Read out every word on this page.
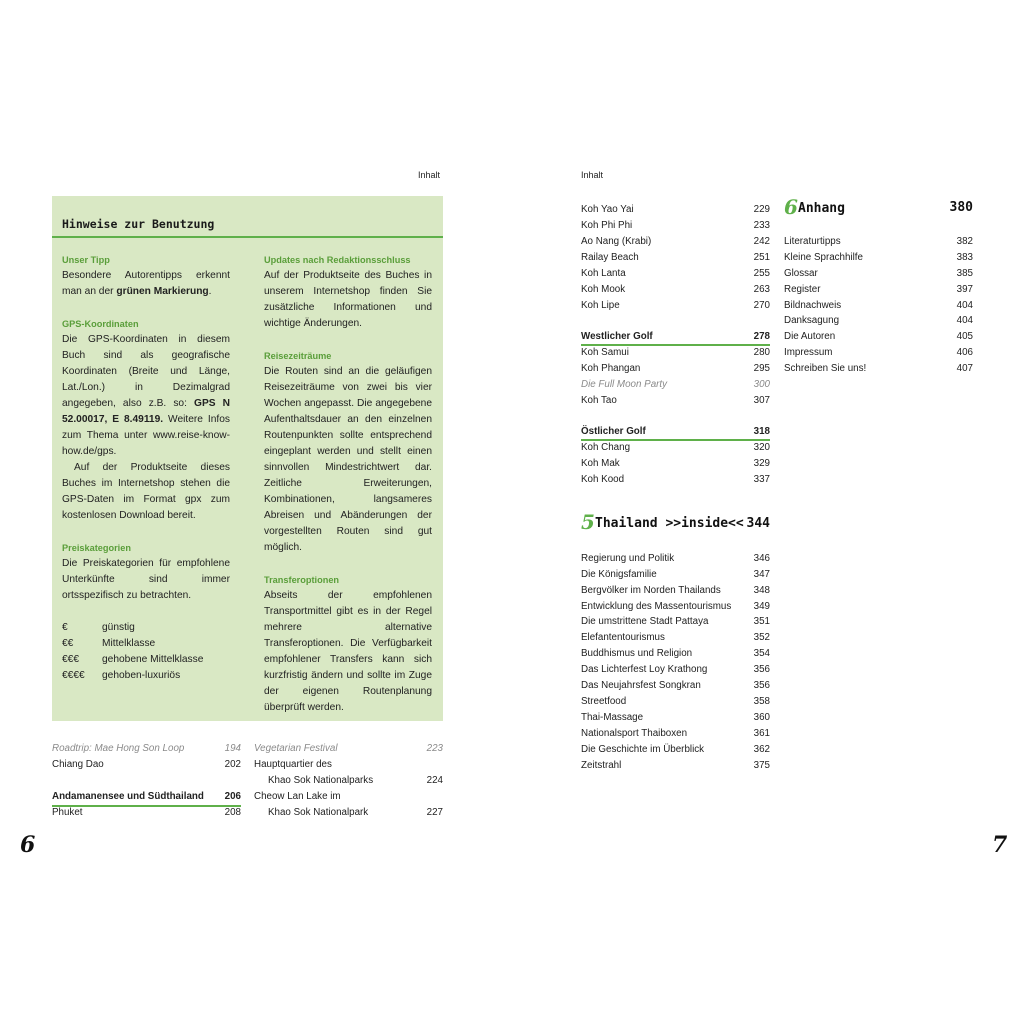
Inhalt
Hinweise zur Benutzung

Unser Tipp

Besondere Autorentipps erkennt man an der grünen Markierung.

GPS-Koordinaten

Die GPS-Koordinaten in diesem Buch sind als geografische Koordinaten (Breite und Länge, Lat./Lon.) in Dezimalgrad angegeben, also z.B. so: GPS N 52.00017, E 8.49119. Weitere Infos zum Thema unter www.reise-know-how.de/gps.

Auf der Produktseite dieses Buches im Internetshop stehen die GPS-Daten im Format gpx zum kostenlosen Download bereit.

Preiskategorien

Die Preiskategorien für empfohlene Unterkünfte sind immer ortsspezifisch zu betrachten.

€	günstig
€€	Mittelklasse
€€€	gehobene Mittelklasse
€€€€	gehoben-luxuriös

Updates nach Redaktionsschluss

Auf der Produktseite des Buches in unserem Internetshop finden Sie zusätzliche Informationen und wichtige Änderungen.

Reisezeiträume

Die Routen sind an die geläufigen Reisezeiträume von zwei bis vier Wochen angepasst. Die angegebene Aufenthaltsdauer an den einzelnen Routenpunkten sollte entsprechend eingeplant werden und stellt einen sinnvollen Mindestrichtwert dar. Zeitliche Erweiterungen, Kombinationen, langsameres Abreisen und Abänderungen der vorgestellten Routen sind gut möglich.

Transferoptionen

Abseits der empfohlenen Transportmittel gibt es in der Regel mehrere alternative Transferoptionen. Die Verfügbarkeit empfohlener Transfers kann sich kurzfristig ändern und sollte im Zuge der eigenen Routenplanung überprüft werden.

Roadtrip: Mae Hong Son Loop	194
Chiang Dao	202
Andamanensee und Südthailand 206
Phuket	208
Vegetarian Festival	223
Hauptquartier des
Khao Sok Nationalparks	224
Cheow Lan Lake im
Khao Sok Nationalpark	227
6
Inhalt
Koh Yao Yai	229
Koh Phi Phi	233
Ao Nang (Krabi)	242
Railay Beach	251
Koh Lanta	255
Koh Mook	263
Koh Lipe	270
Westlicher Golf	278
Koh Samui	280
Koh Phangan	295
Die Full Moon Party	300
Koh Tao	307
Östlicher Golf	318
Koh Chang	320
Koh Mak	329
Koh Kood	337
5 Thailand >>inside<< 344
Regierung und Politik	346
Die Königsfamilie	347
Bergvölker im Norden Thailands	348
Entwicklung des Massentourismus 349
Die umstrittene Stadt Pattaya	351
Elefantentourismus	352
Buddhismus und Religion	354
Das Lichterfest Loy Krathong	356
Das Neujahrsfest Songkran	356
Streetfood	358
Thai-Massage	360
Nationalsport Thaiboxen	361
Die Geschichte im Überblick	362
Zeitstrahl	375
6 Anhang	380
Literaturtipps	382
Kleine Sprachhilfe	383
Glossar	385
Register	397
Bildnachweis	404
Danksagung	404
Die Autoren	405
Impressum	406
Schreiben Sie uns!	407
7
